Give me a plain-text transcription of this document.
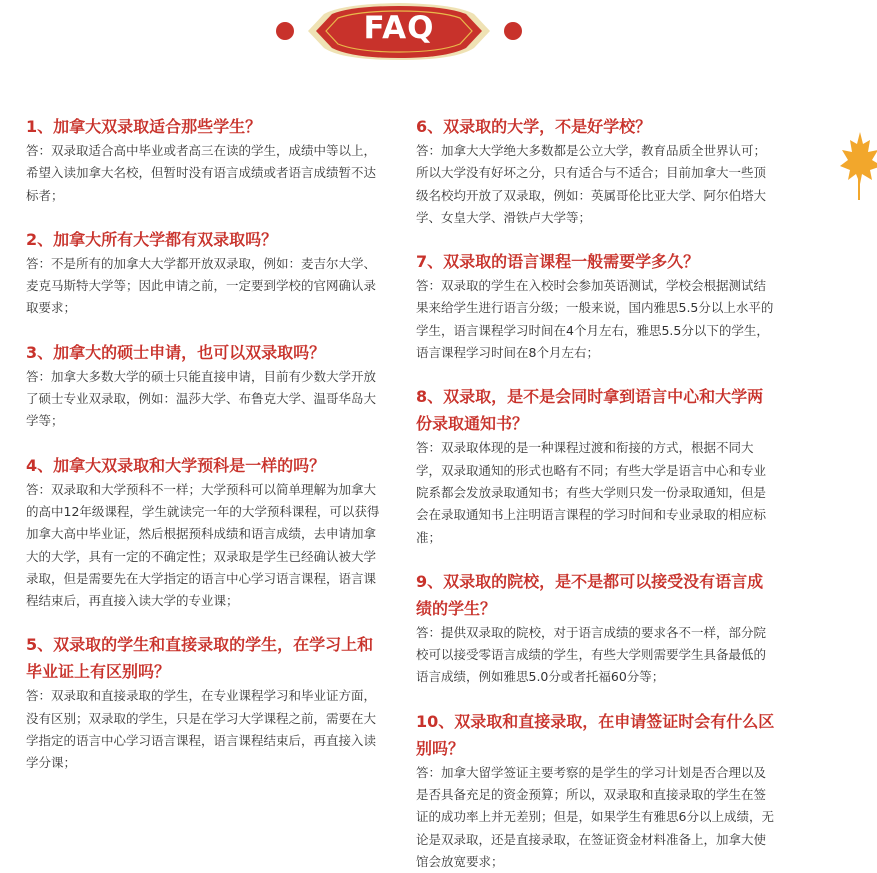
FAQ

1、加拿大双录取适合那些学生？

答：双录取适合高中毕业或者高三在读的学生，成绩中等以上，希望入读加拿大名校，但暂时没有语言成绩或者语言成绩暂不达标者；

2、加拿大所有大学都有双录取吗？

答：不是所有的加拿大大学都开放双录取，例如：麦吉尔大学、麦克马斯特大学等；因此申请之前，一定要到学校的官网确认录取要求；

3、加拿大的硕士申请，也可以双录取吗？

答：加拿大多数大学的硕士只能直接申请，目前有少数大学开放了硕士专业双录取，例如：温莎大学、布鲁克大学、温哥华岛大学等；

4、加拿大双录取和大学预科是一样的吗？

答：双录取和大学预科不一样；大学预科可以简单理解为加拿大的高中12年级课程，学生就读完一年的大学预科课程，可以获得加拿大高中毕业证，然后根据预科成绩和语言成绩，去申请加拿大的大学，具有一定的不确定性；双录取是学生已经确认被大学录取，但是需要先在大学指定的语言中心学习语言课程，语言课程结束后，再直接入读大学的专业课；

5、双录取的学生和直接录取的学生，在学习上和毕业证上有区别吗？

答：双录取和直接录取的学生，在专业课程学习和毕业证方面，没有区别；双录取的学生，只是在学习大学课程之前，需要在大学指定的语言中心学习语言课程，语言课程结束后，再直接入读学分课；

6、双录取的大学，不是好学校？

答：加拿大大学绝大多数都是公立大学，教育品质全世界认可；所以大学没有好坏之分，只有适合与不适合；目前加拿大一些顶级名校均开放了双录取，例如：英属哥伦比亚大学、阿尔伯塔大学、女皇大学、滑铁卢大学等；

7、双录取的语言课程一般需要学多久？

答：双录取的学生在入校时会参加英语测试，学校会根据测试结果来给学生进行语言分级；一般来说，国内雅思5.5分以上水平的学生，语言课程学习时间在4个月左右，雅思5.5分以下的学生，语言课程学习时间在8个月左右；

8、双录取，是不是会同时拿到语言中心和大学两份录取通知书？

答：双录取体现的是一种课程过渡和衔接的方式，根据不同大学，双录取通知的形式也略有不同；有些大学是语言中心和专业院系都会发放录取通知书；有些大学则只发一份录取通知，但是会在录取通知书上注明语言课程的学习时间和专业录取的相应标准；

9、双录取的院校，是不是都可以接受没有语言成绩的学生？

答：提供双录取的院校，对于语言成绩的要求各不一样，部分院校可以接受零语言成绩的学生，有些大学则需要学生具备最低的语言成绩，例如雅思5.0分或者托福60分等；

10、双录取和直接录取，在申请签证时会有什么区别吗？

答：加拿大留学签证主要考察的是学生的学习计划是否合理以及是否具备充足的资金预算；所以，双录取和直接录取的学生在签证的成功率上并无差别；但是，如果学生有雅思6分以上成绩，无论是双录取，还是直接录取，在签证资金材料准备上，加拿大使馆会放宽要求；
